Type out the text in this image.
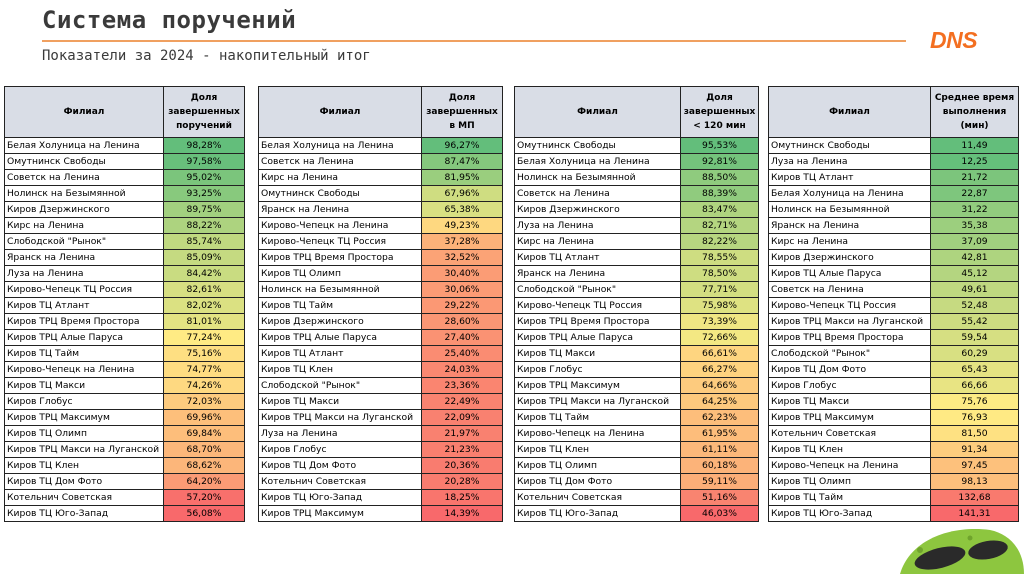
Система поручений
Показатели за 2024 - накопительный итог
DNS
Филиал	Доля
завершенных
поручений

Белая Холуница на Ленина	98,28%
Омутнинск Свободы	97,58%
Советск на Ленина	95,02%
Нолинск на Безымянной	93,25%
Киров Дзержинского	89,75%
Кирс на Ленина	88,22%
Слободской "Рынок"	85,74%
Яранск на Ленина	85,09%
Луза на Ленина	84,42%
Кирово-Чепецк ТЦ Россия	82,61%
Киров ТЦ Атлант	82,02%
Киров ТРЦ Время Простора	81,01%
Киров ТРЦ Алые Паруса	77,24%
Киров ТЦ Тайм	75,16%
Кирово-Чепецк на Ленина	74,77%
Киров ТЦ Макси	74,26%
Киров Глобус	72,03%
Киров ТРЦ Максимум	69,96%
Киров ТЦ Олимп	69,84%
Киров ТРЦ Макси на Луганской	68,70%
Киров ТЦ Клен	68,62%
Киров ТЦ Дом Фото	64,20%
Котельнич Советская	57,20%
Киров ТЦ Юго-Запад	56,08%
Филиал	Доля
завершенных
в МП

Белая Холуница на Ленина	96,27%
Советск на Ленина	87,47%
Кирс на Ленина	81,95%
Омутнинск Свободы	67,96%
Яранск на Ленина	65,38%
Кирово-Чепецк на Ленина	49,23%
Кирово-Чепецк ТЦ Россия	37,28%
Киров ТРЦ Время Простора	32,52%
Киров ТЦ Олимп	30,40%
Нолинск на Безымянной	30,06%
Киров ТЦ Тайм	29,22%
Киров Дзержинского	28,60%
Киров ТРЦ Алые Паруса	27,40%
Киров ТЦ Атлант	25,40%
Киров ТЦ Клен	24,03%
Слободской "Рынок"	23,36%
Киров ТЦ Макси	22,49%
Киров ТРЦ Макси на Луганской	22,09%
Луза на Ленина	21,97%
Киров Глобус	21,23%
Киров ТЦ Дом Фото	20,36%
Котельнич Советская	20,28%
Киров ТЦ Юго-Запад	18,25%
Киров ТРЦ Максимум	14,39%
Филиал	Доля
завершенных
< 120 мин

Омутнинск Свободы	95,53%
Белая Холуница на Ленина	92,81%
Нолинск на Безымянной	88,50%
Советск на Ленина	88,39%
Киров Дзержинского	83,47%
Луза на Ленина	82,71%
Кирс на Ленина	82,22%
Киров ТЦ Атлант	78,55%
Яранск на Ленина	78,50%
Слободской "Рынок"	77,71%
Кирово-Чепецк ТЦ Россия	75,98%
Киров ТРЦ Время Простора	73,39%
Киров ТРЦ Алые Паруса	72,66%
Киров ТЦ Макси	66,61%
Киров Глобус	66,27%
Киров ТРЦ Максимум	64,66%
Киров ТРЦ Макси на Луганской	64,25%
Киров ТЦ Тайм	62,23%
Кирово-Чепецк на Ленина	61,95%
Киров ТЦ Клен	61,11%
Киров ТЦ Олимп	60,18%
Киров ТЦ Дом Фото	59,11%
Котельнич Советская	51,16%
Киров ТЦ Юго-Запад	46,03%
Филиал	Среднее время
выполнения
(мин)

Омутнинск Свободы	11,49
Луза на Ленина	12,25
Киров ТЦ Атлант	21,72
Белая Холуница на Ленина	22,87
Нолинск на Безымянной	31,22
Яранск на Ленина	35,38
Кирс на Ленина	37,09
Киров Дзержинского	42,81
Киров ТЦ Алые Паруса	45,12
Советск на Ленина	49,61
Кирово-Чепецк ТЦ Россия	52,48
Киров ТРЦ Макси на Луганской	55,42
Киров ТРЦ Время Простора	59,54
Слободской "Рынок"	60,29
Киров ТЦ Дом Фото	65,43
Киров Глобус	66,66
Киров ТЦ Макси	75,76
Киров ТРЦ Максимум	76,93
Котельнич Советская	81,50
Киров ТЦ Клен	91,34
Кирово-Чепецк на Ленина	97,45
Киров ТЦ Олимп	98,13
Киров ТЦ Тайм	132,68
Киров ТЦ Юго-Запад	141,31
